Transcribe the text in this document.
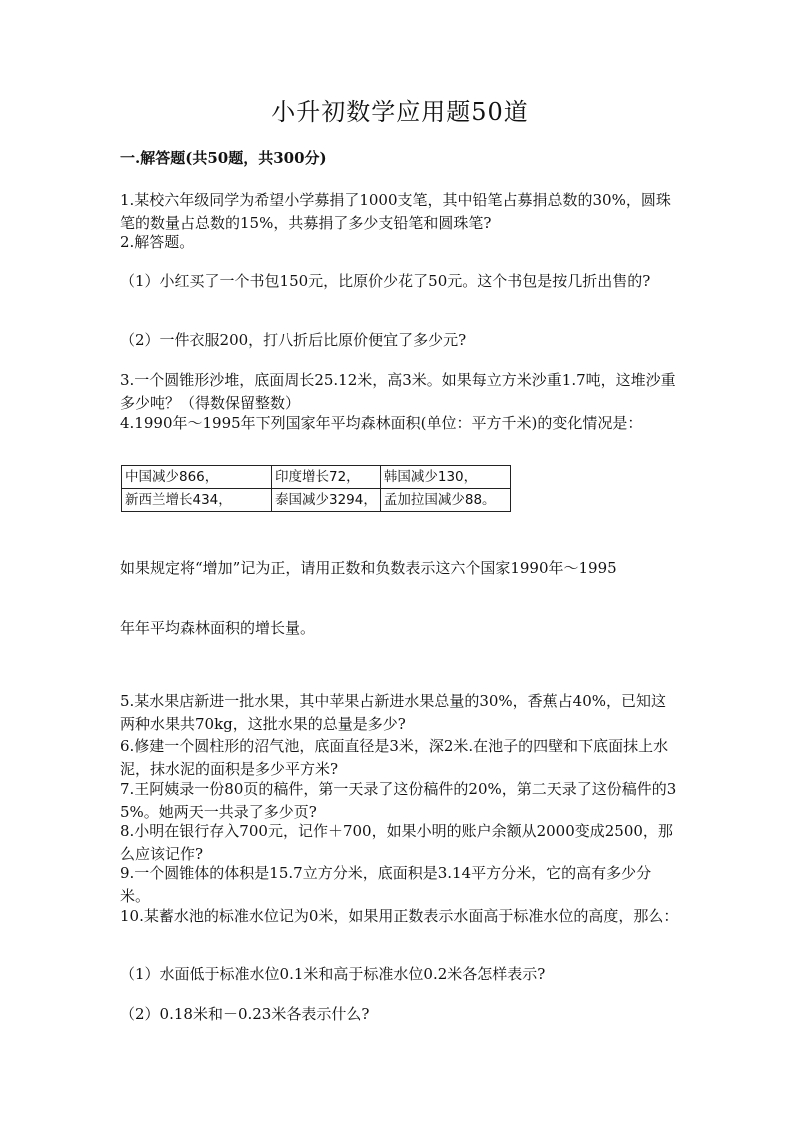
小升初数学应用题50道
一.解答题(共50题，共300分)
1.某校六年级同学为希望小学募捐了1000支笔，其中铅笔占募捐总数的30%，圆珠笔的数量占总数的15%，共募捐了多少支铅笔和圆珠笔?
2.解答题。
（1）小红买了一个书包150元，比原价少花了50元。这个书包是按几折出售的?
（2）一件衣服200，打八折后比原价便宜了多少元?
3.一个圆锥形沙堆，底面周长25.12米，高3米。如果每立方米沙重1.7吨，这堆沙重多少吨？（得数保留整数）
4.1990年～1995年下列国家年平均森林面积(单位：平方千米)的变化情况是：
中国减少866，	印度增长72，	韩国减少130，
新西兰增长434，	泰国减少3294，	孟加拉国减少88。
如果规定将“增加”记为正，请用正数和负数表示这六个国家1990年～1995
年年平均森林面积的增长量。
5.某水果店新进一批水果，其中苹果占新进水果总量的30%，香蕉占40%，已知这两种水果共70kg，这批水果的总量是多少?
6.修建一个圆柱形的沼气池，底面直径是3米，深2米.在池子的四壁和下底面抹上水泥，抹水泥的面积是多少平方米?
7.王阿姨录一份80页的稿件，第一天录了这份稿件的20%，第二天录了这份稿件的35%。她两天一共录了多少页?
8.小明在银行存入700元，记作＋700，如果小明的账户余额从2000变成2500，那么应该记作?
9.一个圆锥体的体积是15.7立方分米，底面积是3.14平方分米，它的高有多少分米。
10.某蓄水池的标准水位记为0米，如果用正数表示水面高于标准水位的高度，那么：
（1）水面低于标准水位0.1米和高于标准水位0.2米各怎样表示?
（2）0.18米和－0.23米各表示什么?
